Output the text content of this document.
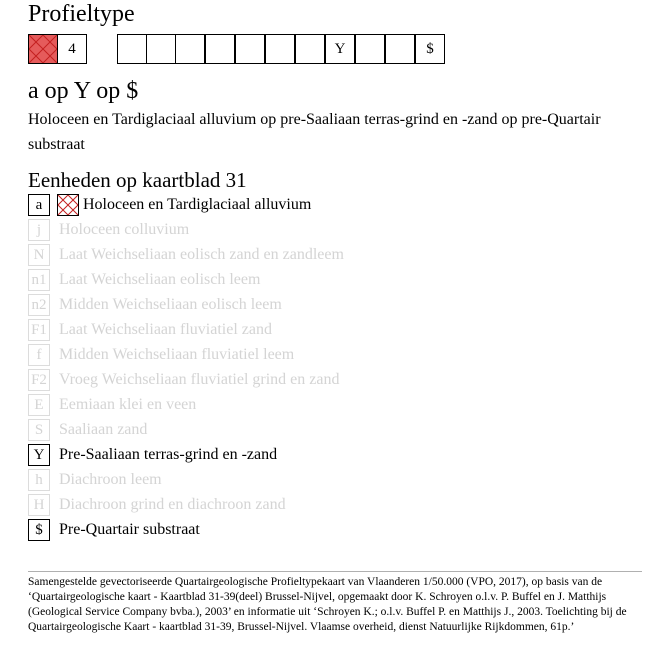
Profieltype
4	Y	$
a op Y op $
Holoceen en Tardiglaciaal alluvium op pre-Saaliaan terras-grind en -zand op pre-Quartair substraat
Eenheden op kaartblad 31
a	Holoceen en Tardiglaciaal alluvium
j	Holoceen colluvium
N Laat Weichseliaan eolisch zand en zandleem
n1 Laat Weichseliaan eolisch leem
n2 Midden Weichseliaan eolisch leem
F1 Laat Weichseliaan fluviatiel zand
f	Midden Weichseliaan fluviatiel leem
F2 Vroeg Weichseliaan fluviatiel grind en zand
E Eemiaan klei en veen
S Saaliaan zand
Y Pre-Saaliaan terras-grind en -zand
h	Diachroon leem
H Diachroon grind en diachroon zand
$	Pre-Quartair substraat
Samengestelde gevectoriseerde Quartairgeologische Profieltypekaart van Vlaanderen 1/50.000 (VPO, 2017), op basis van de ‘Quartairgeologische kaart - Kaartblad 31-39(deel) Brussel-Nijvel, opgemaakt door K. Schroyen o.l.v. P. Buffel en J. Matthijs (Geological Service Company bvba.), 2003’ en informatie uit ‘Schroyen K.; o.l.v. Buffel P. en Matthijs J., 2003. Toelichting bij de Quartairgeologische Kaart - kaartblad 31-39, Brussel-Nijvel. Vlaamse overheid, dienst Natuurlijke Rijkdommen, 61p.’
